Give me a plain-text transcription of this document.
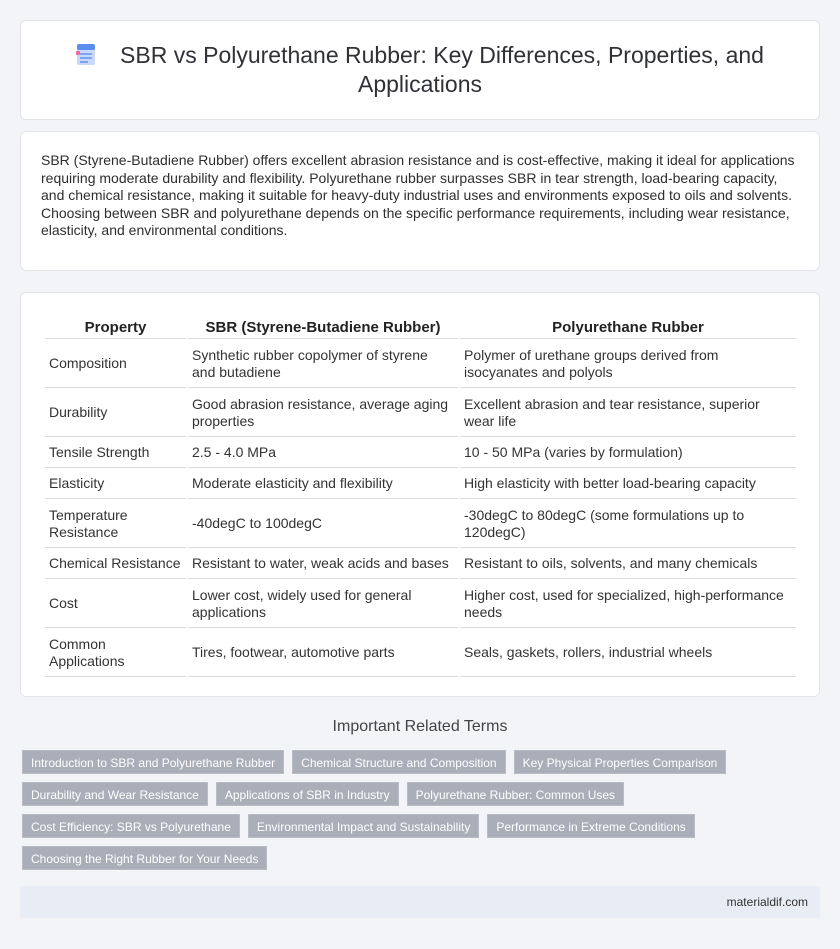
SBR vs Polyurethane Rubber: Key Differences, Properties, and Applications

SBR (Styrene-Butadiene Rubber) offers excellent abrasion resistance and is cost-effective, making it ideal for applications requiring moderate durability and flexibility. Polyurethane rubber surpasses SBR in tear strength, load-bearing capacity, and chemical resistance, making it suitable for heavy-duty industrial uses and environments exposed to oils and solvents. Choosing between SBR and polyurethane depends on the specific performance requirements, including wear resistance, elasticity, and environmental conditions.

Property	SBR (Styrene-Butadiene Rubber)	Polyurethane Rubber
Composition	Synthetic rubber copolymer of styrene and butadiene	Polymer of urethane groups derived from isocyanates and polyols
Durability	Good abrasion resistance, average aging properties	Excellent abrasion and tear resistance, superior wear life
Tensile Strength	2.5 - 4.0 MPa	10 - 50 MPa (varies by formulation)
Elasticity	Moderate elasticity and flexibility	High elasticity with better load-bearing capacity
Temperature Resistance	-40degC to 100degC	-30degC to 80degC (some formulations up to 120degC)
Chemical Resistance	Resistant to water, weak acids and bases	Resistant to oils, solvents, and many chemicals
Cost	Lower cost, widely used for general applications	Higher cost, used for specialized, high-performance needs
Common Applications	Tires, footwear, automotive parts	Seals, gaskets, rollers, industrial wheels
Important Related Terms
Introduction to SBR and Polyurethane Rubber	Chemical Structure and Composition	Key Physical Properties Comparison
Durability and Wear Resistance	Applications of SBR in Industry	Polyurethane Rubber: Common Uses
Cost Efficiency: SBR vs Polyurethane	Environmental Impact and Sustainability	Performance in Extreme Conditions
Choosing the Right Rubber for Your Needs
materialdif.com
